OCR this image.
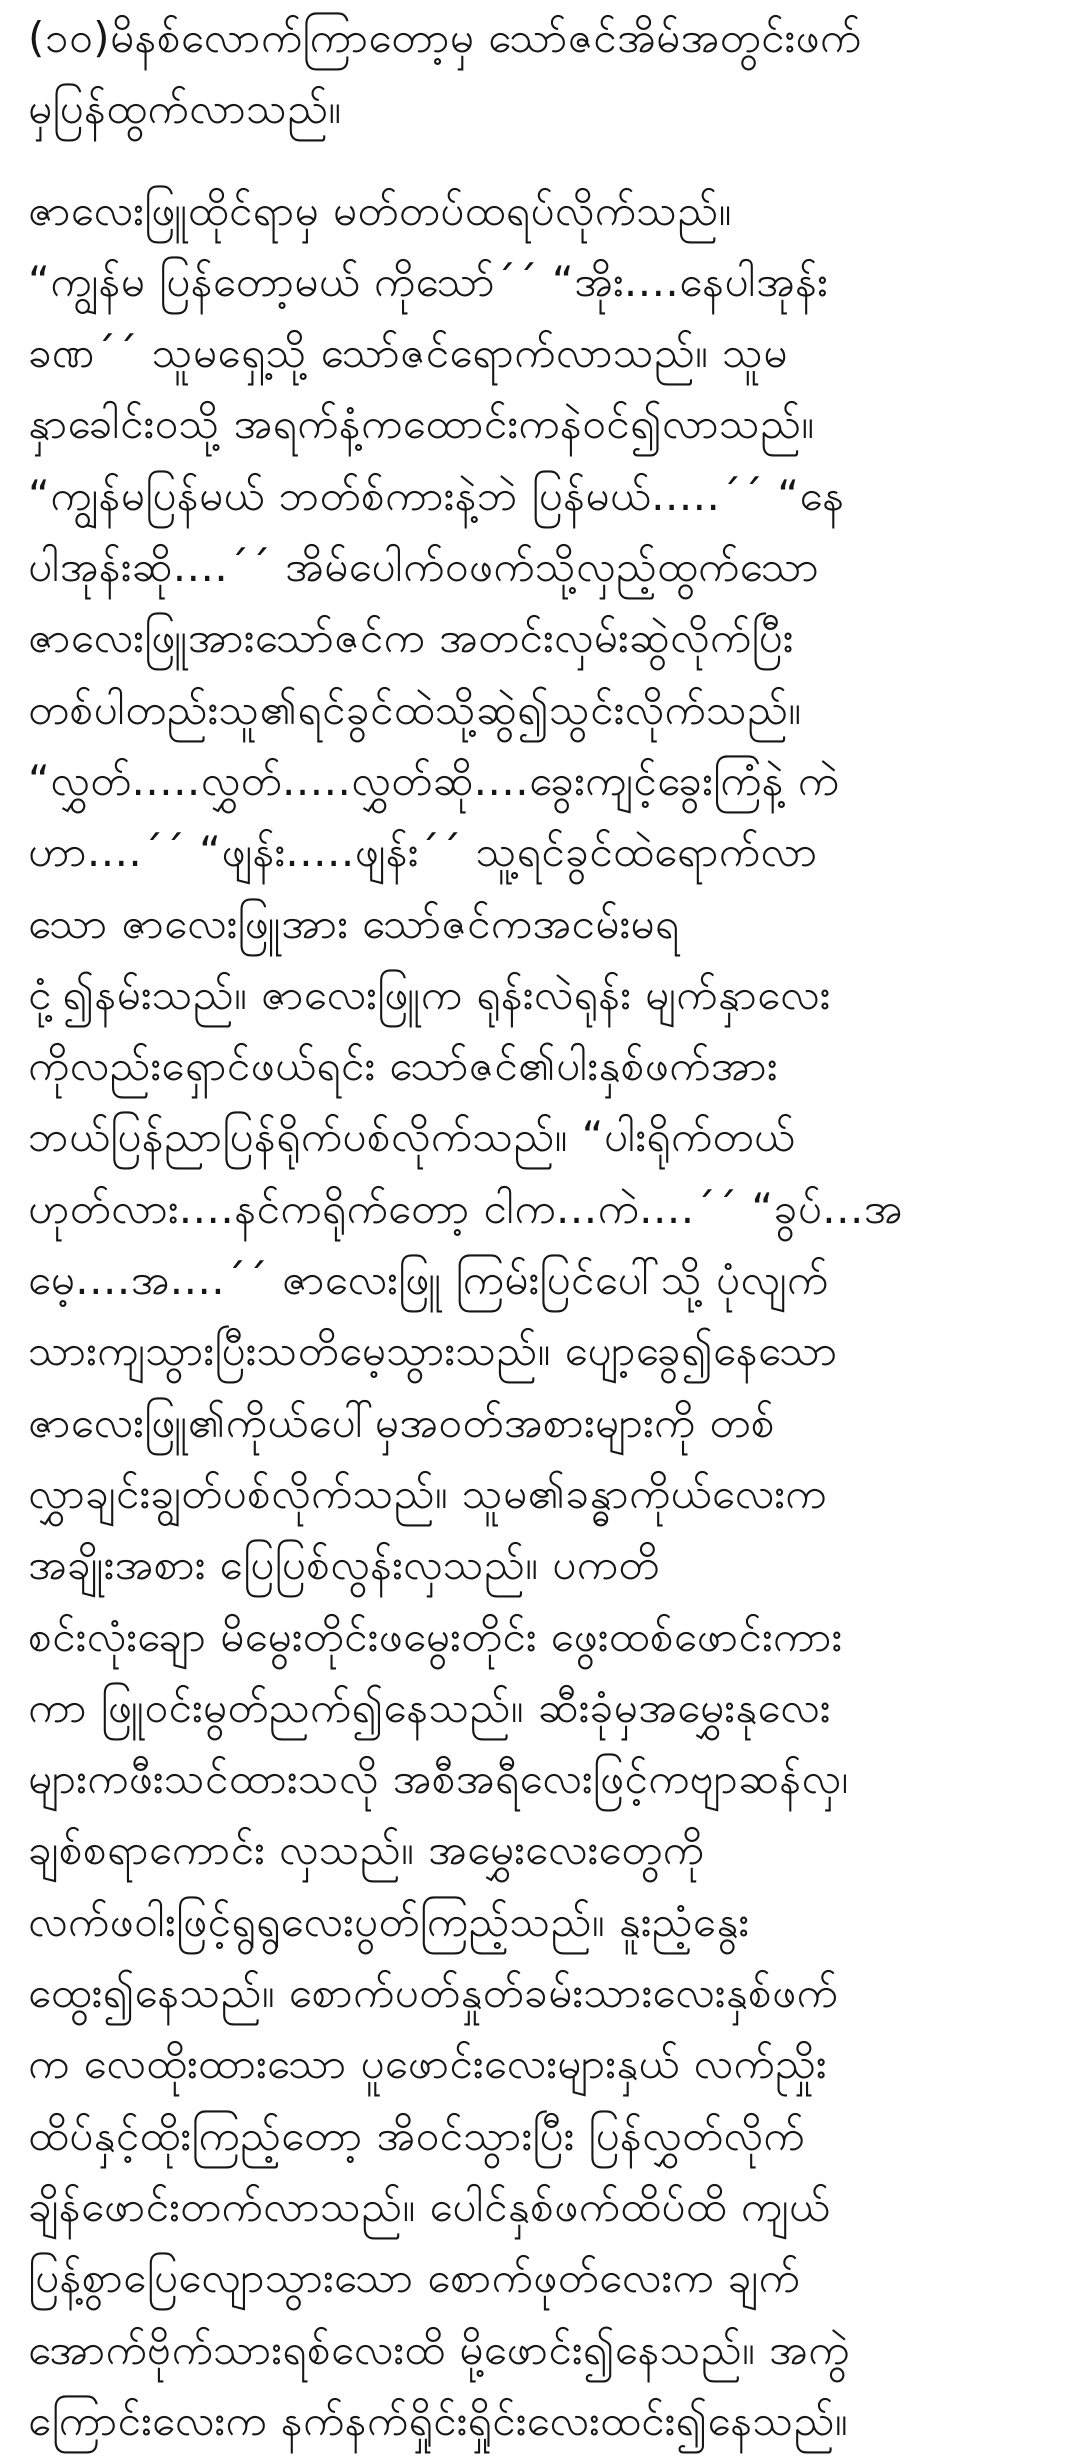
(၁၀)မိနစ်လောက်ကြာတော့မှ သော်ဇင်အိမ်အတွင်းဖက်
မှပြန်ထွက်လာသည်။
ဇာလေးဖြူထိုင်ရာမှ မတ်တပ်ထရပ်လိုက်သည်။
“ကျွန်မ ပြန်တော့မယ် ကိုသော်´´ “အိုး....နေပါအုန်း
ခဏ´´ သူမရှေ့သို့ သော်ဇင်ရောက်လာသည်။ သူမ
နှာခေါင်းဝသို့ အရက်နံ့ကထောင်းကနဲဝင်၍လာသည်။
“ကျွန်မပြန်မယ် ဘတ်စ်ကားနဲ့ဘဲ ပြန်မယ်.....´´ “နေ
ပါအုန်းဆို....´´ အိမ်ပေါက်ဝဖက်သို့လှည့်ထွက်သော
ဇာလေးဖြူအားသော်ဇင်က အတင်းလှမ်းဆွဲလိုက်ပြီး
တစ်ပါတည်းသူ၏ရင်ခွင်ထဲသို့ဆွဲ၍သွင်းလိုက်သည်။
“လွှတ်.....လွှတ်.....လွှတ်ဆို....ခွေးကျင့်ခွေးကြံနဲ့ ကဲ
ဟာ....´´ “ဖျန်း.....ဖျန်း´´ သူ့ရင်ခွင်ထဲရောက်လာ
သော ဇာလေးဖြူအား သော်ဇင်ကအငမ်းမရ
ငုံ့၍နမ်းသည်။ ဇာလေးဖြူက ရုန်းလဲရုန်း မျက်နှာလေး
ကိုလည်းရှောင်ဖယ်ရင်း သော်ဇင်၏ပါးနှစ်ဖက်အား
ဘယ်ပြန်ညာပြန်ရိုက်ပစ်လိုက်သည်။ “ပါးရိုက်တယ်
ဟုတ်လား....နင်ကရိုက်တော့ ငါက...ကဲ....´´ “ခွပ်...အ
မေ့....အ....´´ ဇာလေးဖြူ ကြမ်းပြင်ပေါ်သို့ ပုံလျက်
သားကျသွားပြီးသတိမေ့သွားသည်။ ပျော့ခွေ၍နေသော
ဇာလေးဖြူ၏ကိုယ်ပေါ်မှအဝတ်အစားများကို တစ်
လွှာချင်းချွတ်ပစ်လိုက်သည်။ သူမ၏ခန္ဓာကိုယ်လေးက
အချိုးအစား ပြေပြစ်လွန်းလှသည်။ ပကတိ
စင်းလုံးချော မိမွေးတိုင်းဖမွေးတိုင်း ဖွေးထစ်ဖောင်းကား
ကာ ဖြူဝင်းမွတ်ညက်၍နေသည်။ ဆီးခုံမှအမွှေးနုလေး
များကဖီးသင်ထားသလို အစီအရီလေးဖြင့်ကဗျာဆန်လှ၊
ချစ်စရာကောင်း လှသည်။ အမွှေးလေးတွေကို
လက်ဖဝါးဖြင့်ရွရွလေးပွတ်ကြည့်သည်။ နူးညံ့နွေး
ထွေး၍နေသည်။ စောက်ပတ်နှုတ်ခမ်းသားလေးနှစ်ဖက်
က လေထိုးထားသော ပူဖောင်းလေးများနှယ် လက်ညှိုး
ထိပ်နှင့်ထိုးကြည့်တော့ အိဝင်သွားပြီး ပြန်လွှတ်လိုက်
ချိန်ဖောင်းတက်လာသည်။ ပေါင်နှစ်ဖက်ထိပ်ထိ ကျယ်
ပြန့်စွာပြေလျောသွားသော စောက်ဖုတ်လေးက ချက်
အောက်ဗိုက်သားရစ်လေးထိ မို့ဖောင်း၍နေသည်။ အကွဲ
ကြောင်းလေးက နက်နက်ရှိုင်းရှိုင်းလေးထင်း၍နေသည်။
